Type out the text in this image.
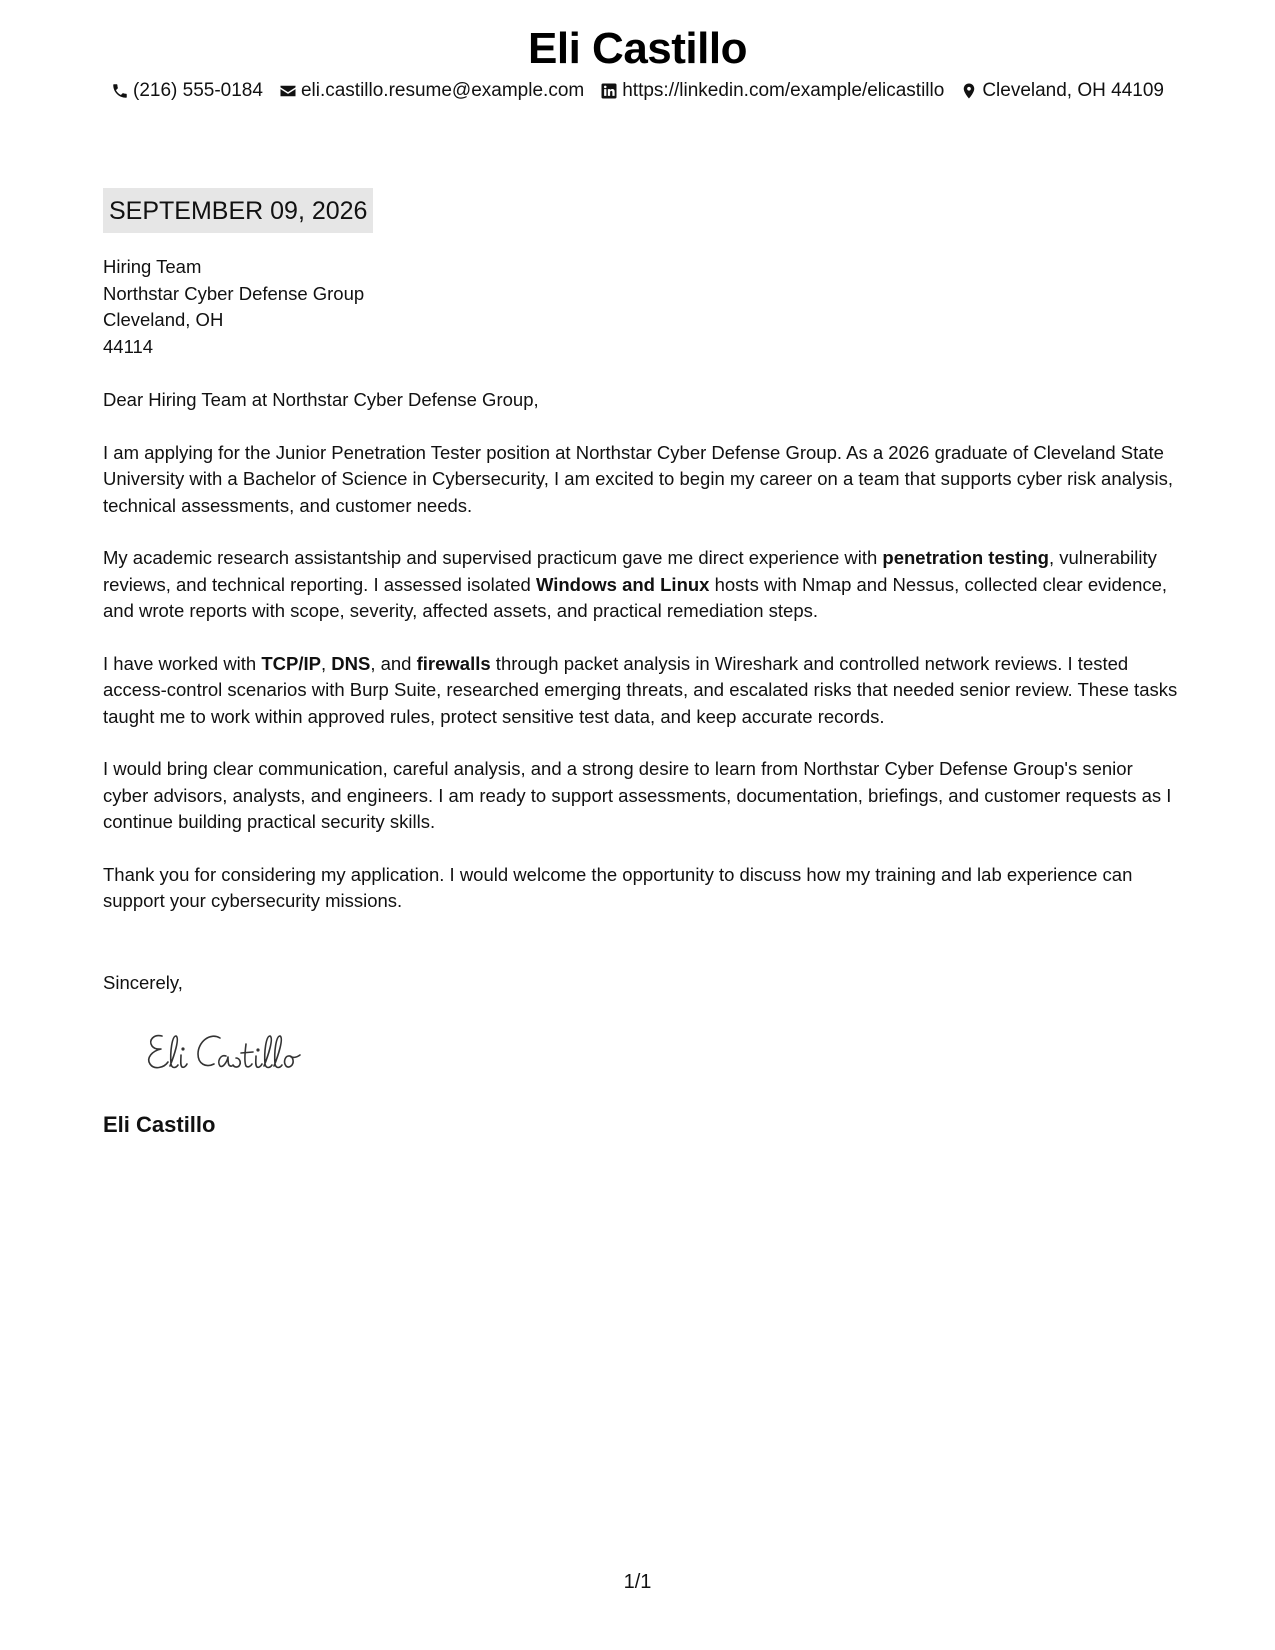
Eli Castillo
(216) 555-0184 eli.castillo.resume@example.com https://linkedin.com/example/elicastillo Cleveland, OH 44109
SEPTEMBER 09, 2026
Hiring Team
Northstar Cyber Defense Group
Cleveland, OH
44114

Dear Hiring Team at Northstar Cyber Defense Group,

I am applying for the Junior Penetration Tester position at Northstar Cyber Defense Group. As a 2026 graduate of Cleveland State University with a Bachelor of Science in Cybersecurity, I am excited to begin my career on a team that supports cyber risk analysis, technical assessments, and customer needs.

My academic research assistantship and supervised practicum gave me direct experience with penetration testing, vulnerability reviews, and technical reporting. I assessed isolated Windows and Linux hosts with Nmap and Nessus, collected clear evidence, and wrote reports with scope, severity, affected assets, and practical remediation steps.

I have worked with TCP/IP, DNS, and firewalls through packet analysis in Wireshark and controlled network reviews. I tested access-control scenarios with Burp Suite, researched emerging threats, and escalated risks that needed senior review. These tasks taught me to work within approved rules, protect sensitive test data, and keep accurate records.

I would bring clear communication, careful analysis, and a strong desire to learn from Northstar Cyber Defense Group's senior cyber advisors, analysts, and engineers. I am ready to support assessments, documentation, briefings, and customer requests as I continue building practical security skills.

Thank you for considering my application. I would welcome the opportunity to discuss how my training and lab experience can support your cybersecurity missions.

Sincerely,
Eli Castillo
1/1
